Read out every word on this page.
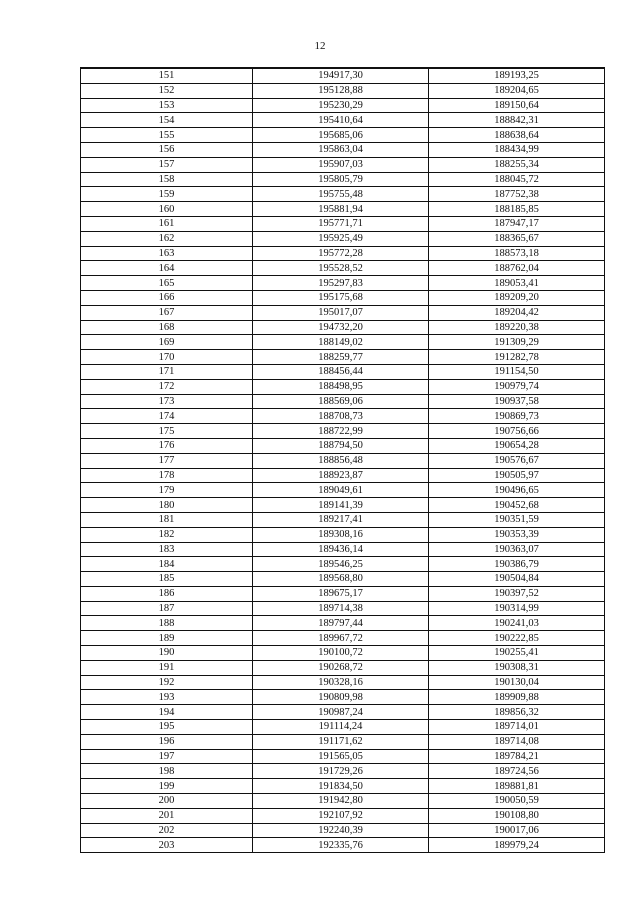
12
151	194917,30	189193,25
152	195128,88	189204,65
153	195230,29	189150,64
154	195410,64	188842,31
155	195685,06	188638,64
156	195863,04	188434,99
157	195907,03	188255,34
158	195805,79	188045,72
159	195755,48	187752,38
160	195881,94	188185,85
161	195771,71	187947,17
162	195925,49	188365,67
163	195772,28	188573,18
164	195528,52	188762,04
165	195297,83	189053,41
166	195175,68	189209,20
167	195017,07	189204,42
168	194732,20	189220,38
169	188149,02	191309,29
170	188259,77	191282,78
171	188456,44	191154,50
172	188498,95	190979,74
173	188569,06	190937,58
174	188708,73	190869,73
175	188722,99	190756,66
176	188794,50	190654,28
177	188856,48	190576,67
178	188923,87	190505,97
179	189049,61	190496,65
180	189141,39	190452,68
181	189217,41	190351,59
182	189308,16	190353,39
183	189436,14	190363,07
184	189546,25	190386,79
185	189568,80	190504,84
186	189675,17	190397,52
187	189714,38	190314,99
188	189797,44	190241,03
189	189967,72	190222,85
190	190100,72	190255,41
191	190268,72	190308,31
192	190328,16	190130,04
193	190809,98	189909,88
194	190987,24	189856,32
195	191114,24	189714,01
196	191171,62	189714,08
197	191565,05	189784,21
198	191729,26	189724,56
199	191834,50	189881,81
200	191942,80	190050,59
201	192107,92	190108,80
202	192240,39	190017,06
203	192335,76	189979,24
